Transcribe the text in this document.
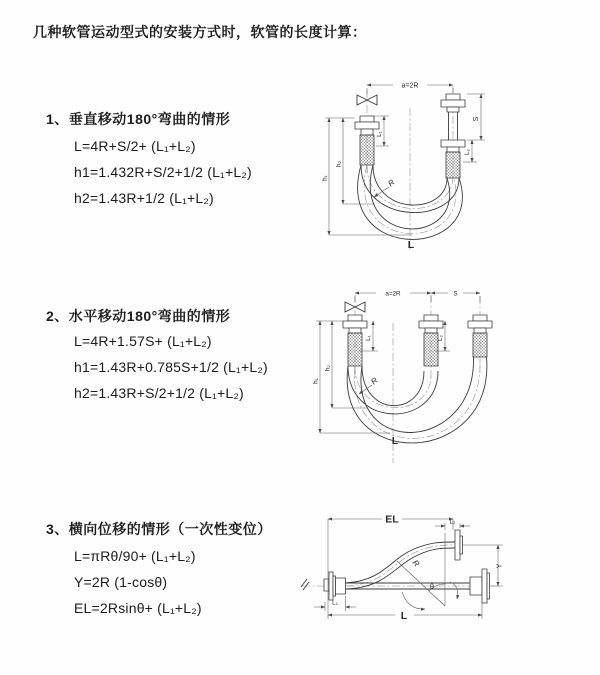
几种软管运动型式的安装方式时，软管的长度计算：
1、垂直移动180°弯曲的情形
L=4R+S/2+ (L₁+L₂)
h1=1.432R+S/2+1/2 (L₁+L₂)
h2=1.43R+1/2 (L₁+L₂)
a=2R
L₁
S
L₂
h₂
h₁	R
L
2、水平移动180°弯曲的情形
L=4R+1.57S+ (L₁+L₂)
h1=1.43R+0.785S+1/2 (L₁+L₂)
h2=1.43R+S/2+1/2 (L₁+L₂)
a=2R	S
L₁	L₂
h₂
h₁	R
L
3、横向位移的情形（一次性变位）
L=πRθ/90+ (L₁+L₂)
Y=2R (1-cosθ)
EL=2Rsinθ+ (L₁+L₂)
EL	L₂
Y
R
θ
L₁
L
